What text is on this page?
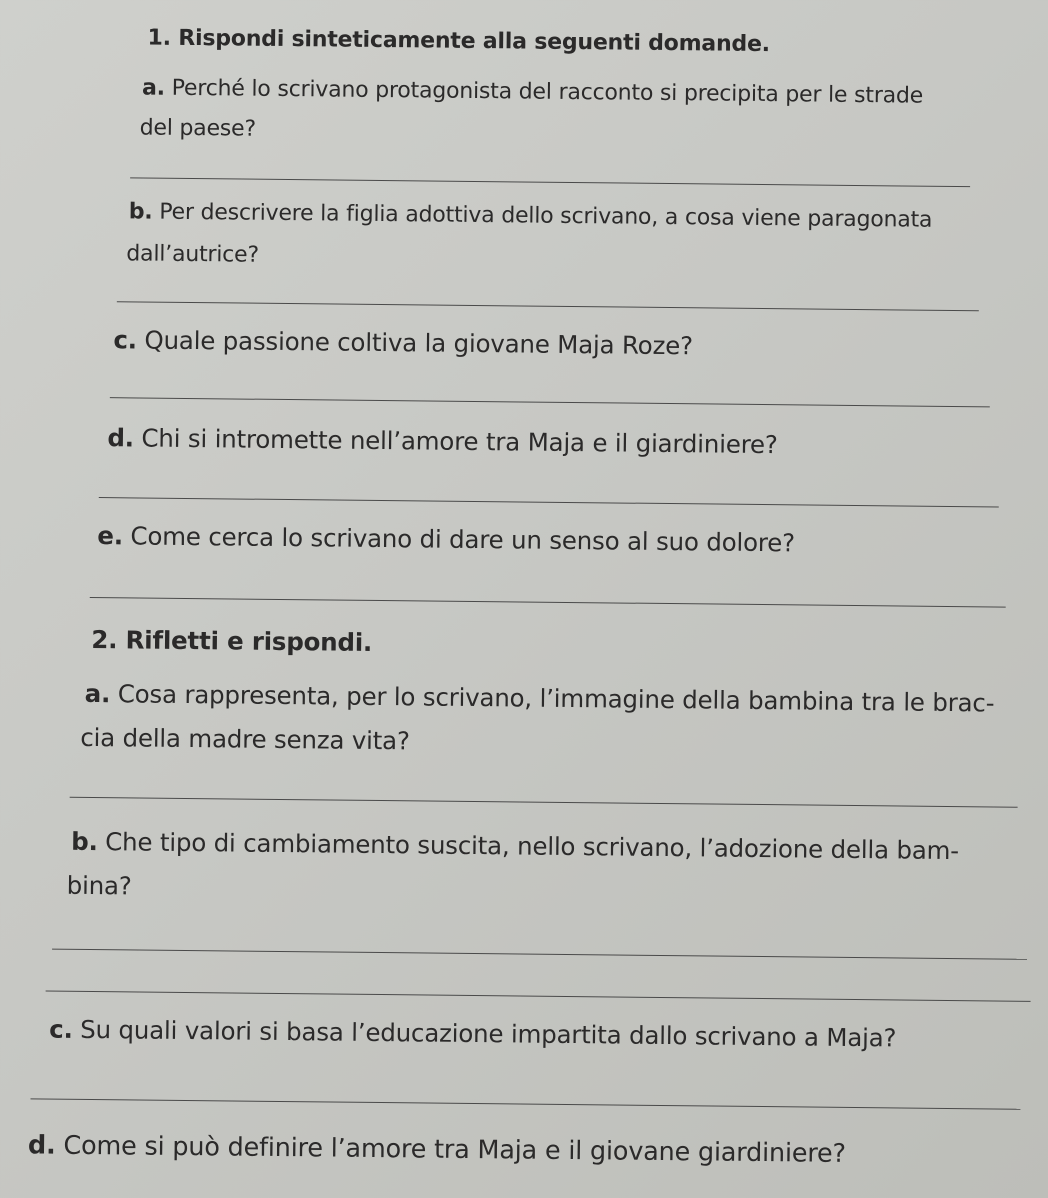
1. Rispondi sinteticamente alla seguenti domande.
a. Perché lo scrivano protagonista del racconto si precipita per le strade
del paese?
b. Per descrivere la figlia adottiva dello scrivano, a cosa viene paragonata
dall’autrice?
c. Quale passione coltiva la giovane Maja Roze?
d. Chi si intromette nell’amore tra Maja e il giardiniere?
e. Come cerca lo scrivano di dare un senso al suo dolore?
2. Rifletti e rispondi.
a. Cosa rappresenta, per lo scrivano, l’immagine della bambina tra le brac-
cia della madre senza vita?
b. Che tipo di cambiamento suscita, nello scrivano, l’adozione della bam-
bina?
c. Su quali valori si basa l’educazione impartita dallo scrivano a Maja?
d. Come si può definire l’amore tra Maja e il giovane giardiniere?
